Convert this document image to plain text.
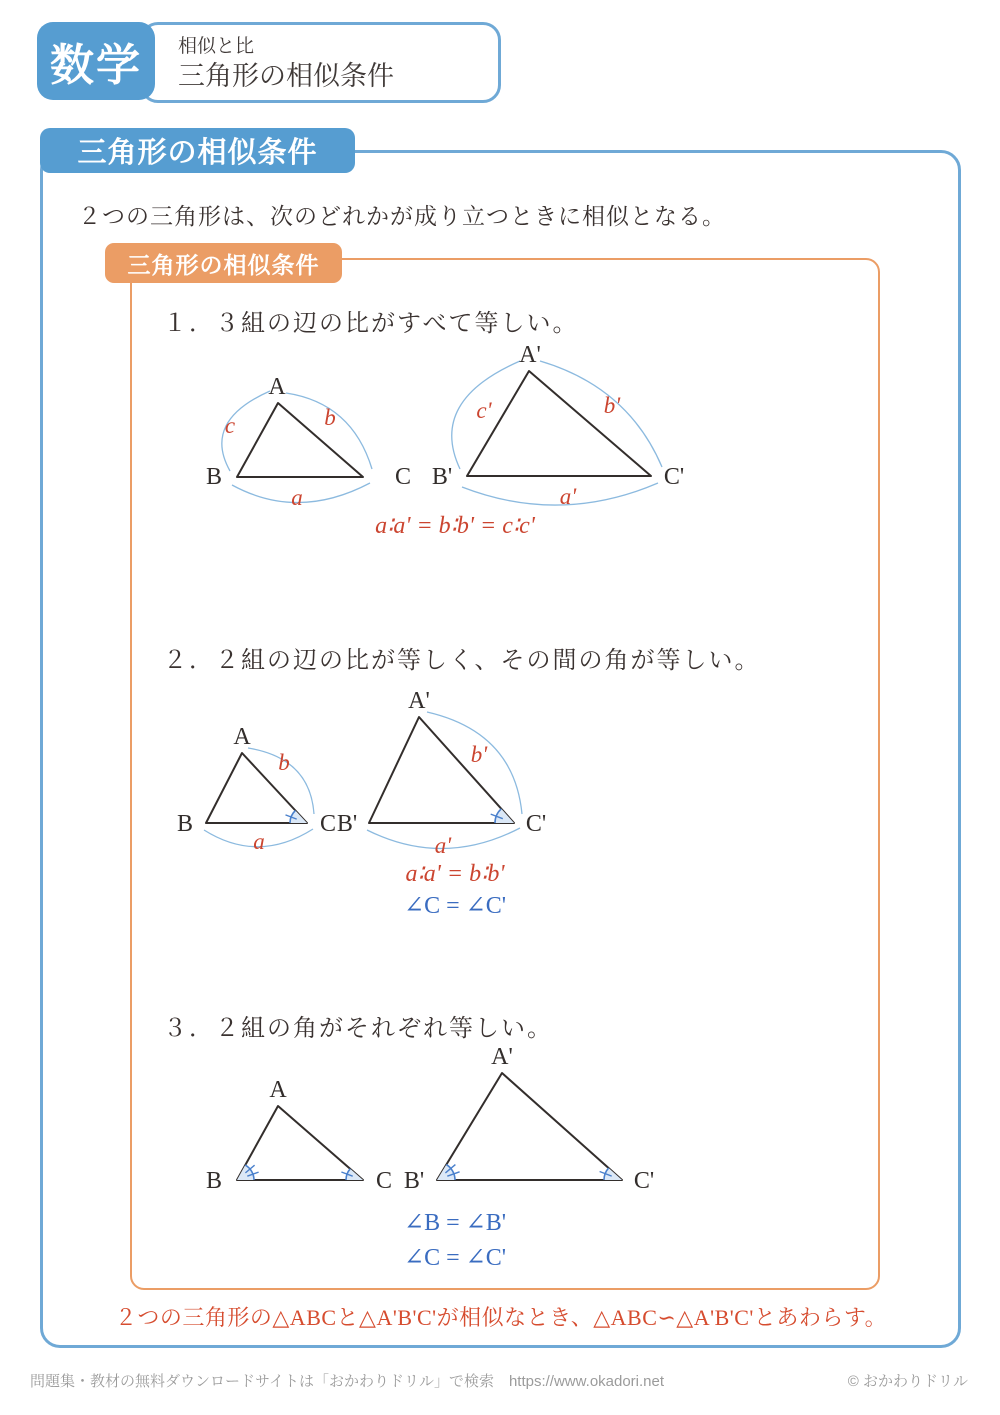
数学 相似と比
三角形の相似条件
三角形の相似条件
三角形の相似条件
２つの三角形は、次のどれかが成り立つときに相似となる。
１．３組の辺の比がすべて等しい。
A
B	C
c	b
a
A'
B'	C'
c'	b'
a'
a∶a' = b∶b' = c∶c'
２．２組の辺の比が等しく、その間の角が等しい。
A
B	C
b
a
A'
B'	C'
b'
a'
a∶a' = b∶b'
∠C = ∠C'
３．２組の角がそれぞれ等しい。
A
B	C
A'
B'	C'
∠B = ∠B'
∠C = ∠C'
２つの三角形の△ABCと△A'B'C'が相似なとき、△ABC∽△A'B'C'とあわらす。
問題集・教材の無料ダウンロードサイトは「おかわりドリル」で検索　https://www.okadori.net	© おかわりドリル
